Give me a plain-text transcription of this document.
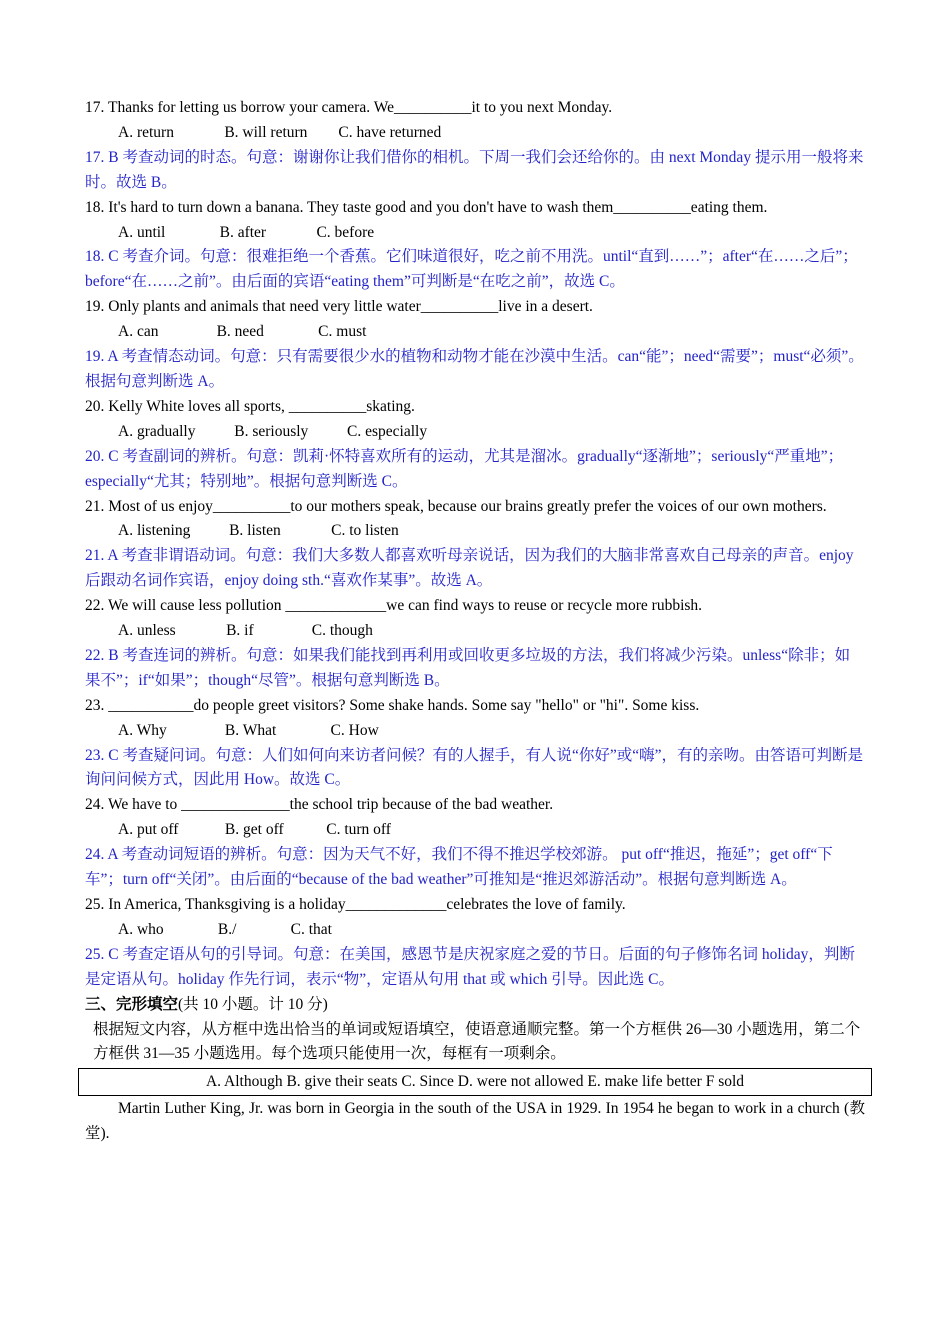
17. Thanks for letting us borrow your camera. We__________it to you next Monday.
A. return             B. will return        C. have returned
17. B 考查动词的时态。句意：谢谢你让我们借你的相机。下周一我们会还给你的。由 next Monday 提示用一般将来时。故选 B。
18. It's hard to turn down a banana. They taste good and you don't have to wash them__________eating them.
A. until              B. after             C. before
18. C 考查介词。句意：很难拒绝一个香蕉。它们味道很好，吃之前不用洗。until“直到……”；after“在……之后”；before“在……之前”。由后面的宾语“eating them”可判断是“在吃之前”，故选 C。
19. Only plants and animals that need very little water__________live in a desert.
A. can               B. need              C. must
19. A 考查情态动词。句意：只有需要很少水的植物和动物才能在沙漠中生活。can“能”；need“需要”；must“必须”。根据句意判断选 A。
20. Kelly White loves all sports, __________skating.
A. gradually          B. seriously          C. especially
20. C 考查副词的辨析。句意：凯莉·怀特喜欢所有的运动，尤其是溜冰。gradually“逐渐地”；seriously“严重地”；especially“尤其；特别地”。根据句意判断选 C。
21. Most of us enjoy__________to our mothers speak, because our brains greatly prefer the voices of our own mothers.
A. listening          B. listen             C. to listen
21. A 考查非谓语动词。句意：我们大多数人都喜欢听母亲说话，因为我们的大脑非常喜欢自己母亲的声音。enjoy 后跟动名词作宾语，enjoy doing sth.“喜欢作某事”。故选 A。
22. We will cause less pollution _____________we can find ways to reuse or recycle more rubbish.
A. unless             B. if               C. though
22. B 考查连词的辨析。句意：如果我们能找到再利用或回收更多垃圾的方法，我们将减少污染。unless“除非；如果不”；if“如果”；though“尽管”。根据句意判断选 B。
23. ___________do people greet visitors? Some shake hands. Some say "hello" or "hi". Some kiss.
A. Why               B. What              C. How
23. C 考查疑问词。句意：人们如何向来访者问候？有的人握手，有人说“你好”或“嗨”，有的亲吻。由答语可判断是询问问候方式，因此用 How。故选 C。
24. We have to ______________the school trip because of the bad weather.
A. put off            B. get off           C. turn off
24. A 考查动词短语的辨析。句意：因为天气不好，我们不得不推迟学校郊游。 put off“推迟，拖延”；get off“下车”；turn off“关闭”。由后面的“because of the bad weather”可推知是“推迟郊游活动”。根据句意判断选 A。
25. In America, Thanksgiving is a holiday_____________celebrates the love of family.
A. who              B./              C. that
25. C 考查定语从句的引导词。句意：在美国，感恩节是庆祝家庭之爱的节日。后面的句子修饰名词 holiday，判断是定语从句。holiday 作先行词，表示“物”，定语从句用 that 或 which 引导。因此选 C。
三、完形填空(共 10 小题。计 10 分)
根据短文内容，从方框中选出恰当的单词或短语填空，使语意通顺完整。第一个方框供 26—30 小题选用，第二个方框供 31—35 小题选用。每个选项只能使用一次，每框有一项剩余。
A. Although B. give their seats C. Since D. were not allowed E. make life better F sold
Martin Luther King, Jr. was born in Georgia in the south of the USA in 1929. In 1954 he began to work in a church (教堂).
